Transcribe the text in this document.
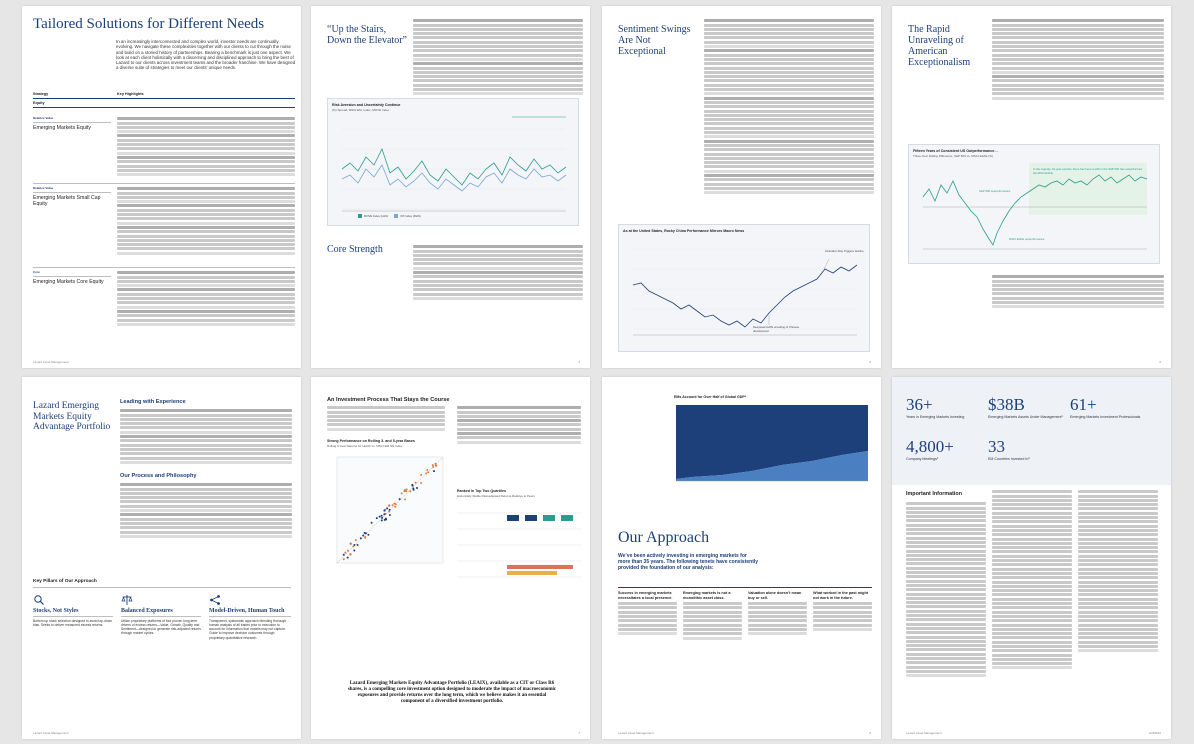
Tailored Solutions for Different Needs
In an increasingly interconnected and complex world, investor needs are continually evolving. We navigate these complexities together with our clients to cut through the noise and build on a storied history of partnerships. Bearing a benchmark is just one aspect. We look at each client holistically with a discerning and disciplined approach to bring the best of Lazard to our clients across investment teams and the broader franchise. We have designed a diverse suite of strategies to meet our clients' unique needs.
Strategy	Key Highlights
Equity
Relative Value
Emerging Markets Equity
Relative Value
Emerging Markets Small Cap Equity
Core
Emerging Markets Core Equity
Lazard Asset Management
“Up the Stairs, Down the Elevator”
Risk Aversion and Uncertainty Continue
(%) Spread, MSCI EM, Index, MOVE Index
MOVE Index (LHS)	VIX Index (RHS)
Core Strength
4
Sentiment Swings Are Not Exceptional
As at the United States, Rocky China Performance Mirrors Macro News
Liberation Day Triggers decline
Deepseek tariffs unveiling of Chinese development
5
The Rapid Unraveling of American Exceptionalism
Fifteen Years of Consistent US Outperformance…
Three-Year Rolling Difference, S&P 500 vs. MSCI EAFE (%)
S&P 500 outperformance
MSCI EAFE outperformance
In the majority, 10-year periods, there has been a shift in the S&P 500 has outperformed the MSCI EAFE
6
Lazard Emerging Markets Equity Advantage Portfolio
Leading with Experience
Our Process and Philosophy
Key Pillars of Our Approach
Stocks, Not Styles
Bottom-up stock selection designed to avoid top-down bias. Seeks to deliver measured excess returns.
Balanced Exposures
Utilize proprietary platforms of four proven long-term drivers of excess returns—Value, Growth, Quality and Sentiment—designed to generate risk-adjusted returns through market cycles.
Model-Driven, Human Touch
Transparent, systematic approach blending thorough human analysis of all trades prior to execution to account for information that models may not capture. Guide to improve decision outcomes through proprietary quantitative research.
Lazard Asset Management
An Investment Process That Stays the Course
Strong Performance on Rolling 3- and 5-year Bases
Rolling 3-Year Returns for LEAIX vs. MSCI EM NR Index
Ranked in Top Two Quartiles
Historically Stable Risk-adjusted Returns Relative to Peers
Lazard Emerging Markets Equity Advantage Portfolio (LEAIX), available as a CIT or Class R6 shares, is a compelling core investment option designed to moderate the impact of macroeconomic exposures and provide returns over the long term, which we believe makes it an essential component of a diversified investment portfolio.
7
EMs Account for Over Half of Global GDP*
Our Approach
We’ve been actively investing in emerging markets for more than 35 years. The following tenets have consistently provided the foundation of our analysis:
Success in emerging markets necessitates a local presence.
Emerging markets is not a monolithic asset class.
Valuation alone doesn’t mean buy or sell.
What worked in the past might not work in the future.
Lazard Asset Management	8
36+
Years in Emerging Markets Investing
$38B
Emerging Markets Assets Under Management¹
61+
Emerging Markets Investment Professionals
4,800+
Company Meetings²
33
EM Countries Invested In³
Important Information
Lazard Asset Management	LR38632
